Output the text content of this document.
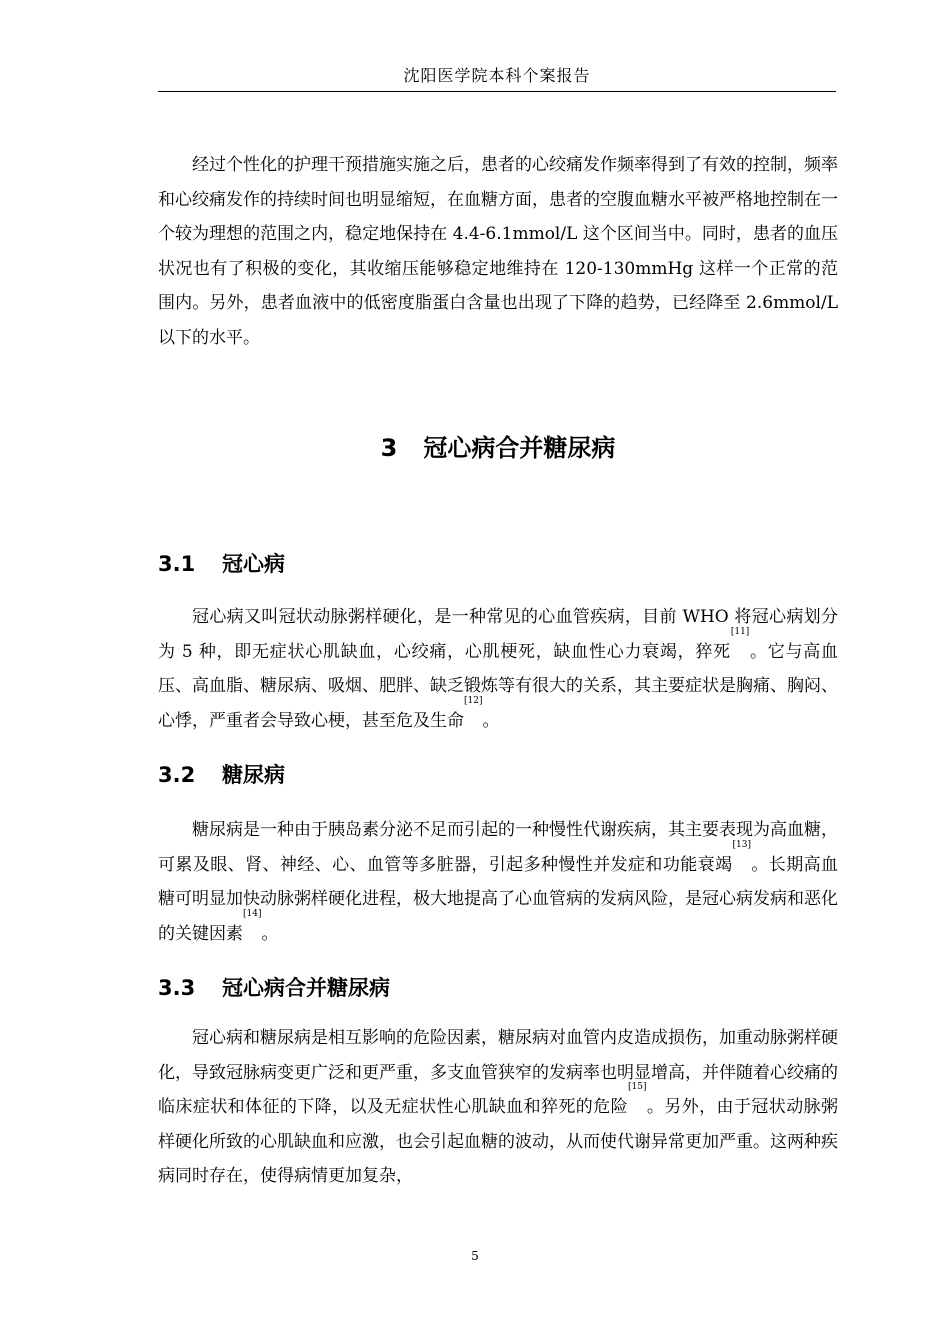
沈阳医学院本科个案报告

经过个性化的护理干预措施实施之后，患者的心绞痛发作频率得到了有效的控制，频率和心绞痛发作的持续时间也明显缩短，在血糖方面，患者的空腹血糖水平被严格地控制在一个较为理想的范围之内，稳定地保持在 4.4-6.1mmol/L 这个区间当中。同时，患者的血压状况也有了积极的变化，其收缩压能够稳定地维持在 120-130mmHg 这样一个正常的范围内。另外，患者血液中的低密度脂蛋白含量也出现了下降的趋势，已经降至 2.6mmol/L 以下的水平。

3 冠心病合并糖尿病
3.1 冠心病

冠心病又叫冠状动脉粥样硬化，是一种常见的心血管疾病，目前 WHO 将冠心病划分为 5 种，即无症状心肌缺血，心绞痛，心肌梗死，缺血性心力衰竭，猝死[11]。它与高血压、高血脂、糖尿病、吸烟、肥胖、缺乏锻炼等有很大的关系，其主要症状是胸痛、胸闷、心悸，严重者会导致心梗，甚至危及生命[12]。

3.2 糖尿病

糖尿病是一种由于胰岛素分泌不足而引起的一种慢性代谢疾病，其主要表现为高血糖，可累及眼、肾、神经、心、血管等多脏器，引起多种慢性并发症和功能衰竭[13]。长期高血糖可明显加快动脉粥样硬化进程，极大地提高了心血管病的发病风险，是冠心病发病和恶化的关键因素[14]。

3.3 冠心病合并糖尿病

冠心病和糖尿病是相互影响的危险因素，糖尿病对血管内皮造成损伤，加重动脉粥样硬化，导致冠脉病变更广泛和更严重，多支血管狭窄的发病率也明显增高，并伴随着心绞痛的临床症状和体征的下降，以及无症状性心肌缺血和猝死的危险[15]。另外，由于冠状动脉粥样硬化所致的心肌缺血和应激，也会引起血糖的波动，从而使代谢异常更加严重。这两种疾病同时存在，使得病情更加复杂，

5
